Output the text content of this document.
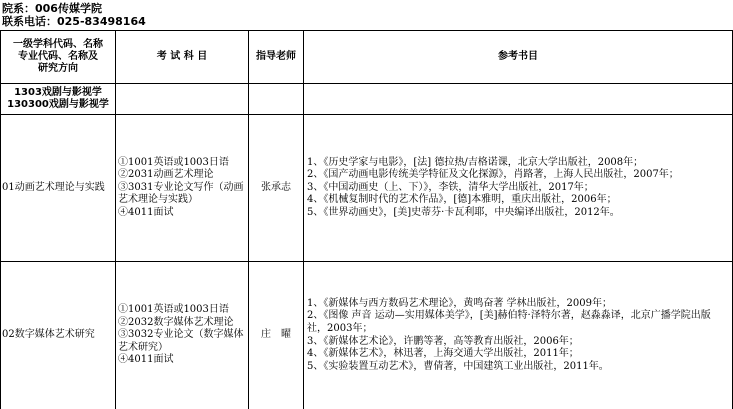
院系：006传媒学院
联系电话：025-83498164
一级学科代码、名称
专业代码、名称及
研究方向
考 试 科 目	指导老师	参考书目
1303戏剧与影视学
130300戏剧与影视学
01动画艺术理论与实践
①1001英语或1003日语
②2031动画艺术理论
③3031专业论文写作（动画艺术理论与实践）
④4011面试
张承志
1、《历史学家与电影》，[法] 德拉热/吉格诺课，北京大学出版社，2008年；
2、《国产动画电影传统美学特征及文化探源》，肖路著，上海人民出版社，2007年；
3、《中国动画史（上、下）》，李铁，清华大学出版社，2017年；
4、《机械复制时代的艺术作品》，[德]本雅明，重庆出版社，2006年；
5、《世界动画史》，[美]史蒂芬·卡瓦利耶，中央编译出版社，2012年。
02数字媒体艺术研究
①1001英语或1003日语
②2032数字媒体艺术理论
③3032专业论文（数字媒体艺术研究）
④4011面试
庄　曜
1、《新媒体与西方数码艺术理论》，黄鸣奋著 学林出版社，2009年；
2、《图像 声音 运动—实用媒体美学》，[美]赫伯特·泽特尔著，赵淼淼译，北京广播学院出版社，2003年；
3、《新媒体艺术论》，许鹏等著，高等教育出版社，2006年；
4、《新媒体艺术》，林迅著，上海交通大学出版社，2011年；
5、《实验装置互动艺术》，曹倩著，中国建筑工业出版社，2011年。
